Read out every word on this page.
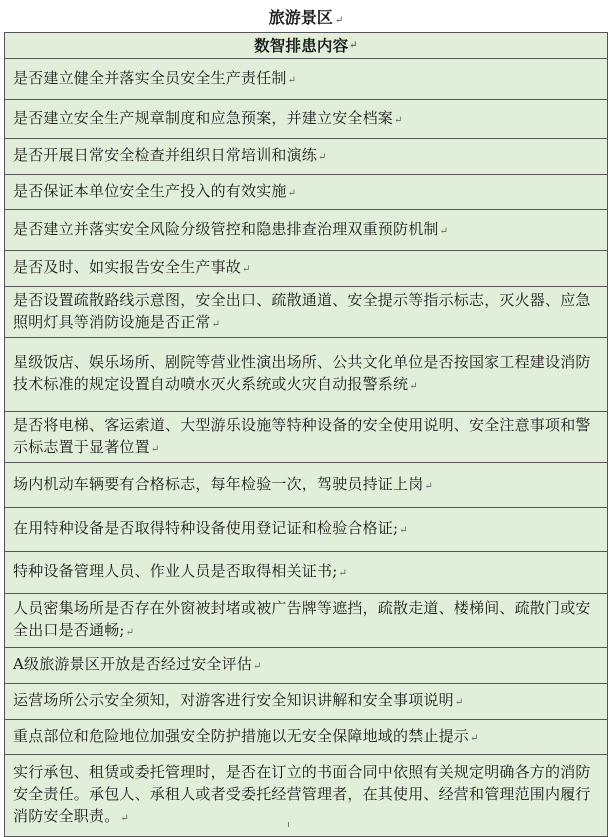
旅游景区 ↵
数智排患内容 ↵
是否建立健全并落实全员安全生产责任制↵
是否建立安全生产规章制度和应急预案，并建立安全档案↵
是否开展日常安全检查并组织日常培训和演练↵
是否保证本单位安全生产投入的有效实施↵
是否建立并落实安全风险分级管控和隐患排查治理双重预防机制↵
是否及时、如实报告安全生产事故↵
是否设置疏散路线示意图，安全出口、疏散通道、安全提示等指示标志，灭火器、应急照明灯具等消防设施是否正常↵
星级饭店、娱乐场所、剧院等营业性演出场所、公共文化单位是否按国家工程建设消防技术标准的规定设置自动喷水灭火系统或火灾自动报警系统↵
是否将电梯、客运索道、大型游乐设施等特种设备的安全使用说明、安全注意事项和警示标志置于显著位置↵
场内机动车辆要有合格标志，每年检验一次，驾驶员持证上岗↵
在用特种设备是否取得特种设备使用登记证和检验合格证;↵
特种设备管理人员、作业人员是否取得相关证书;↵
人员密集场所是否存在外窗被封堵或被广告牌等遮挡，疏散走道、楼梯间、疏散门或安全出口是否通畅;↵
A级旅游景区开放是否经过安全评估↵
运营场所公示安全须知，对游客进行安全知识讲解和安全事项说明↵
重点部位和危险地位加强安全防护措施以无安全保障地域的禁止提示↵
实行承包、租赁或委托管理时，是否在订立的书面合同中依照有关规定明确各方的消防安全责任。承包人、承租人或者受委托经营管理者，在其使用、经营和管理范围内履行消防安全职责。↵
